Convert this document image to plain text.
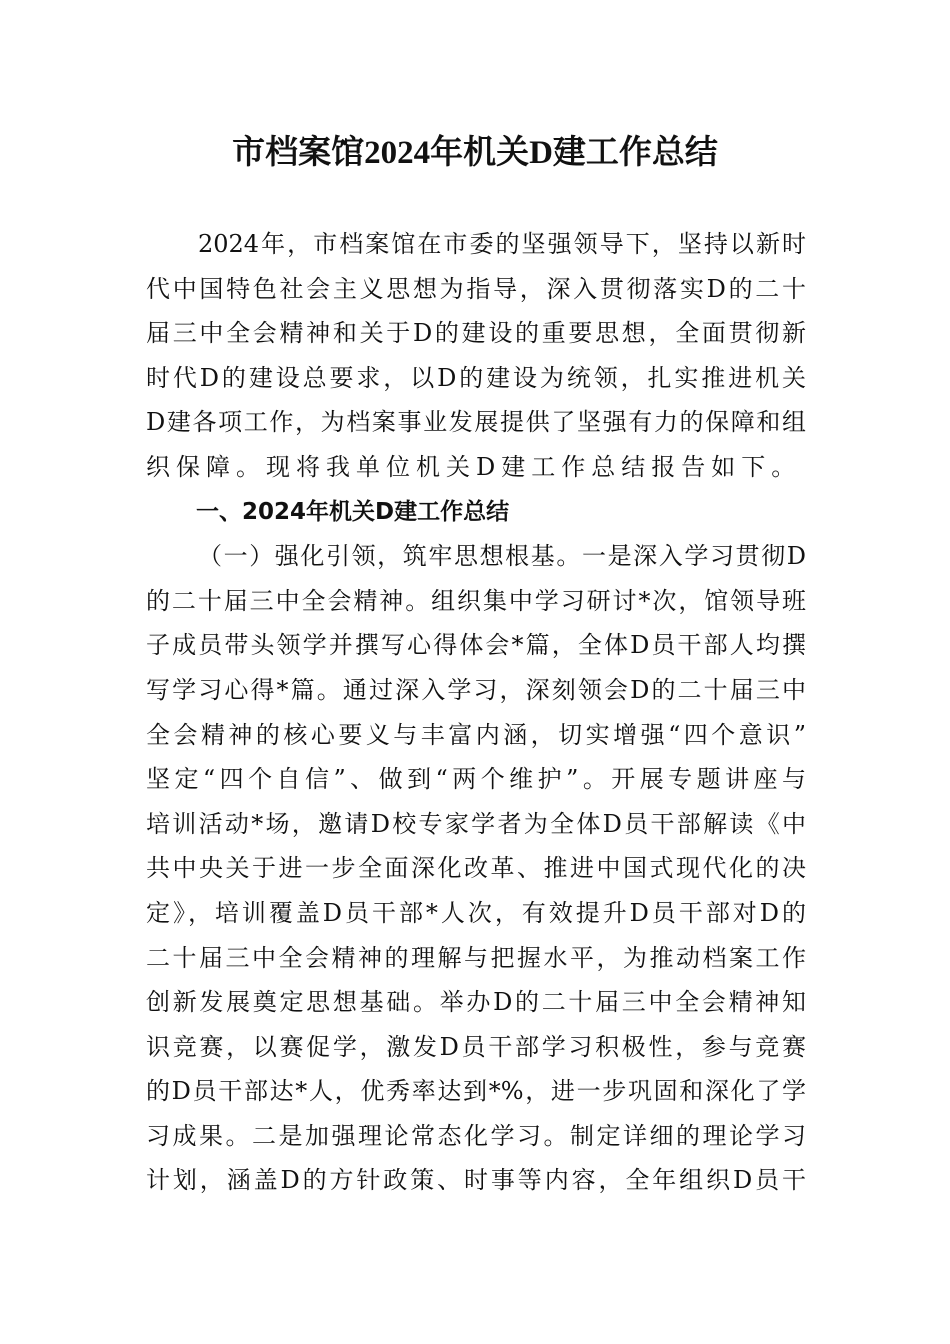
市档案馆2024年机关D建工作总结
2024年，市档案馆在市委的坚强领导下，坚持以新时
代中国特色社会主义思想为指导，深入贯彻落实D的二十
届三中全会精神和关于D的建设的重要思想，全面贯彻新
时代D的建设总要求，以D的建设为统领，扎实推进机关
D建各项工作，为档案事业发展提供了坚强有力的保障和组
织保障。现将我单位机关D建工作总结报告如下。
一、2024年机关D建工作总结
（一）强化引领，筑牢思想根基。一是深入学习贯彻D
的二十届三中全会精神。组织集中学习研讨*次，馆领导班
子成员带头领学并撰写心得体会*篇，全体D员干部人均撰
写学习心得*篇。通过深入学习，深刻领会D的二十届三中
全会精神的核心要义与丰富内涵，切实增强“四个意识”
坚定“四个自信”、做到“两个维护”。开展专题讲座与
培训活动*场，邀请D校专家学者为全体D员干部解读《中
共中央关于进一步全面深化改革、推进中国式现代化的决
定》，培训覆盖D员干部*人次，有效提升D员干部对D的
二十届三中全会精神的理解与把握水平，为推动档案工作
创新发展奠定思想基础。举办D的二十届三中全会精神知
识竞赛，以赛促学，激发D员干部学习积极性，参与竞赛
的D员干部达*人，优秀率达到*%，进一步巩固和深化了学
习成果。二是加强理论常态化学习。制定详细的理论学习
计划，涵盖D的方针政策、时事等内容，全年组织D员干
